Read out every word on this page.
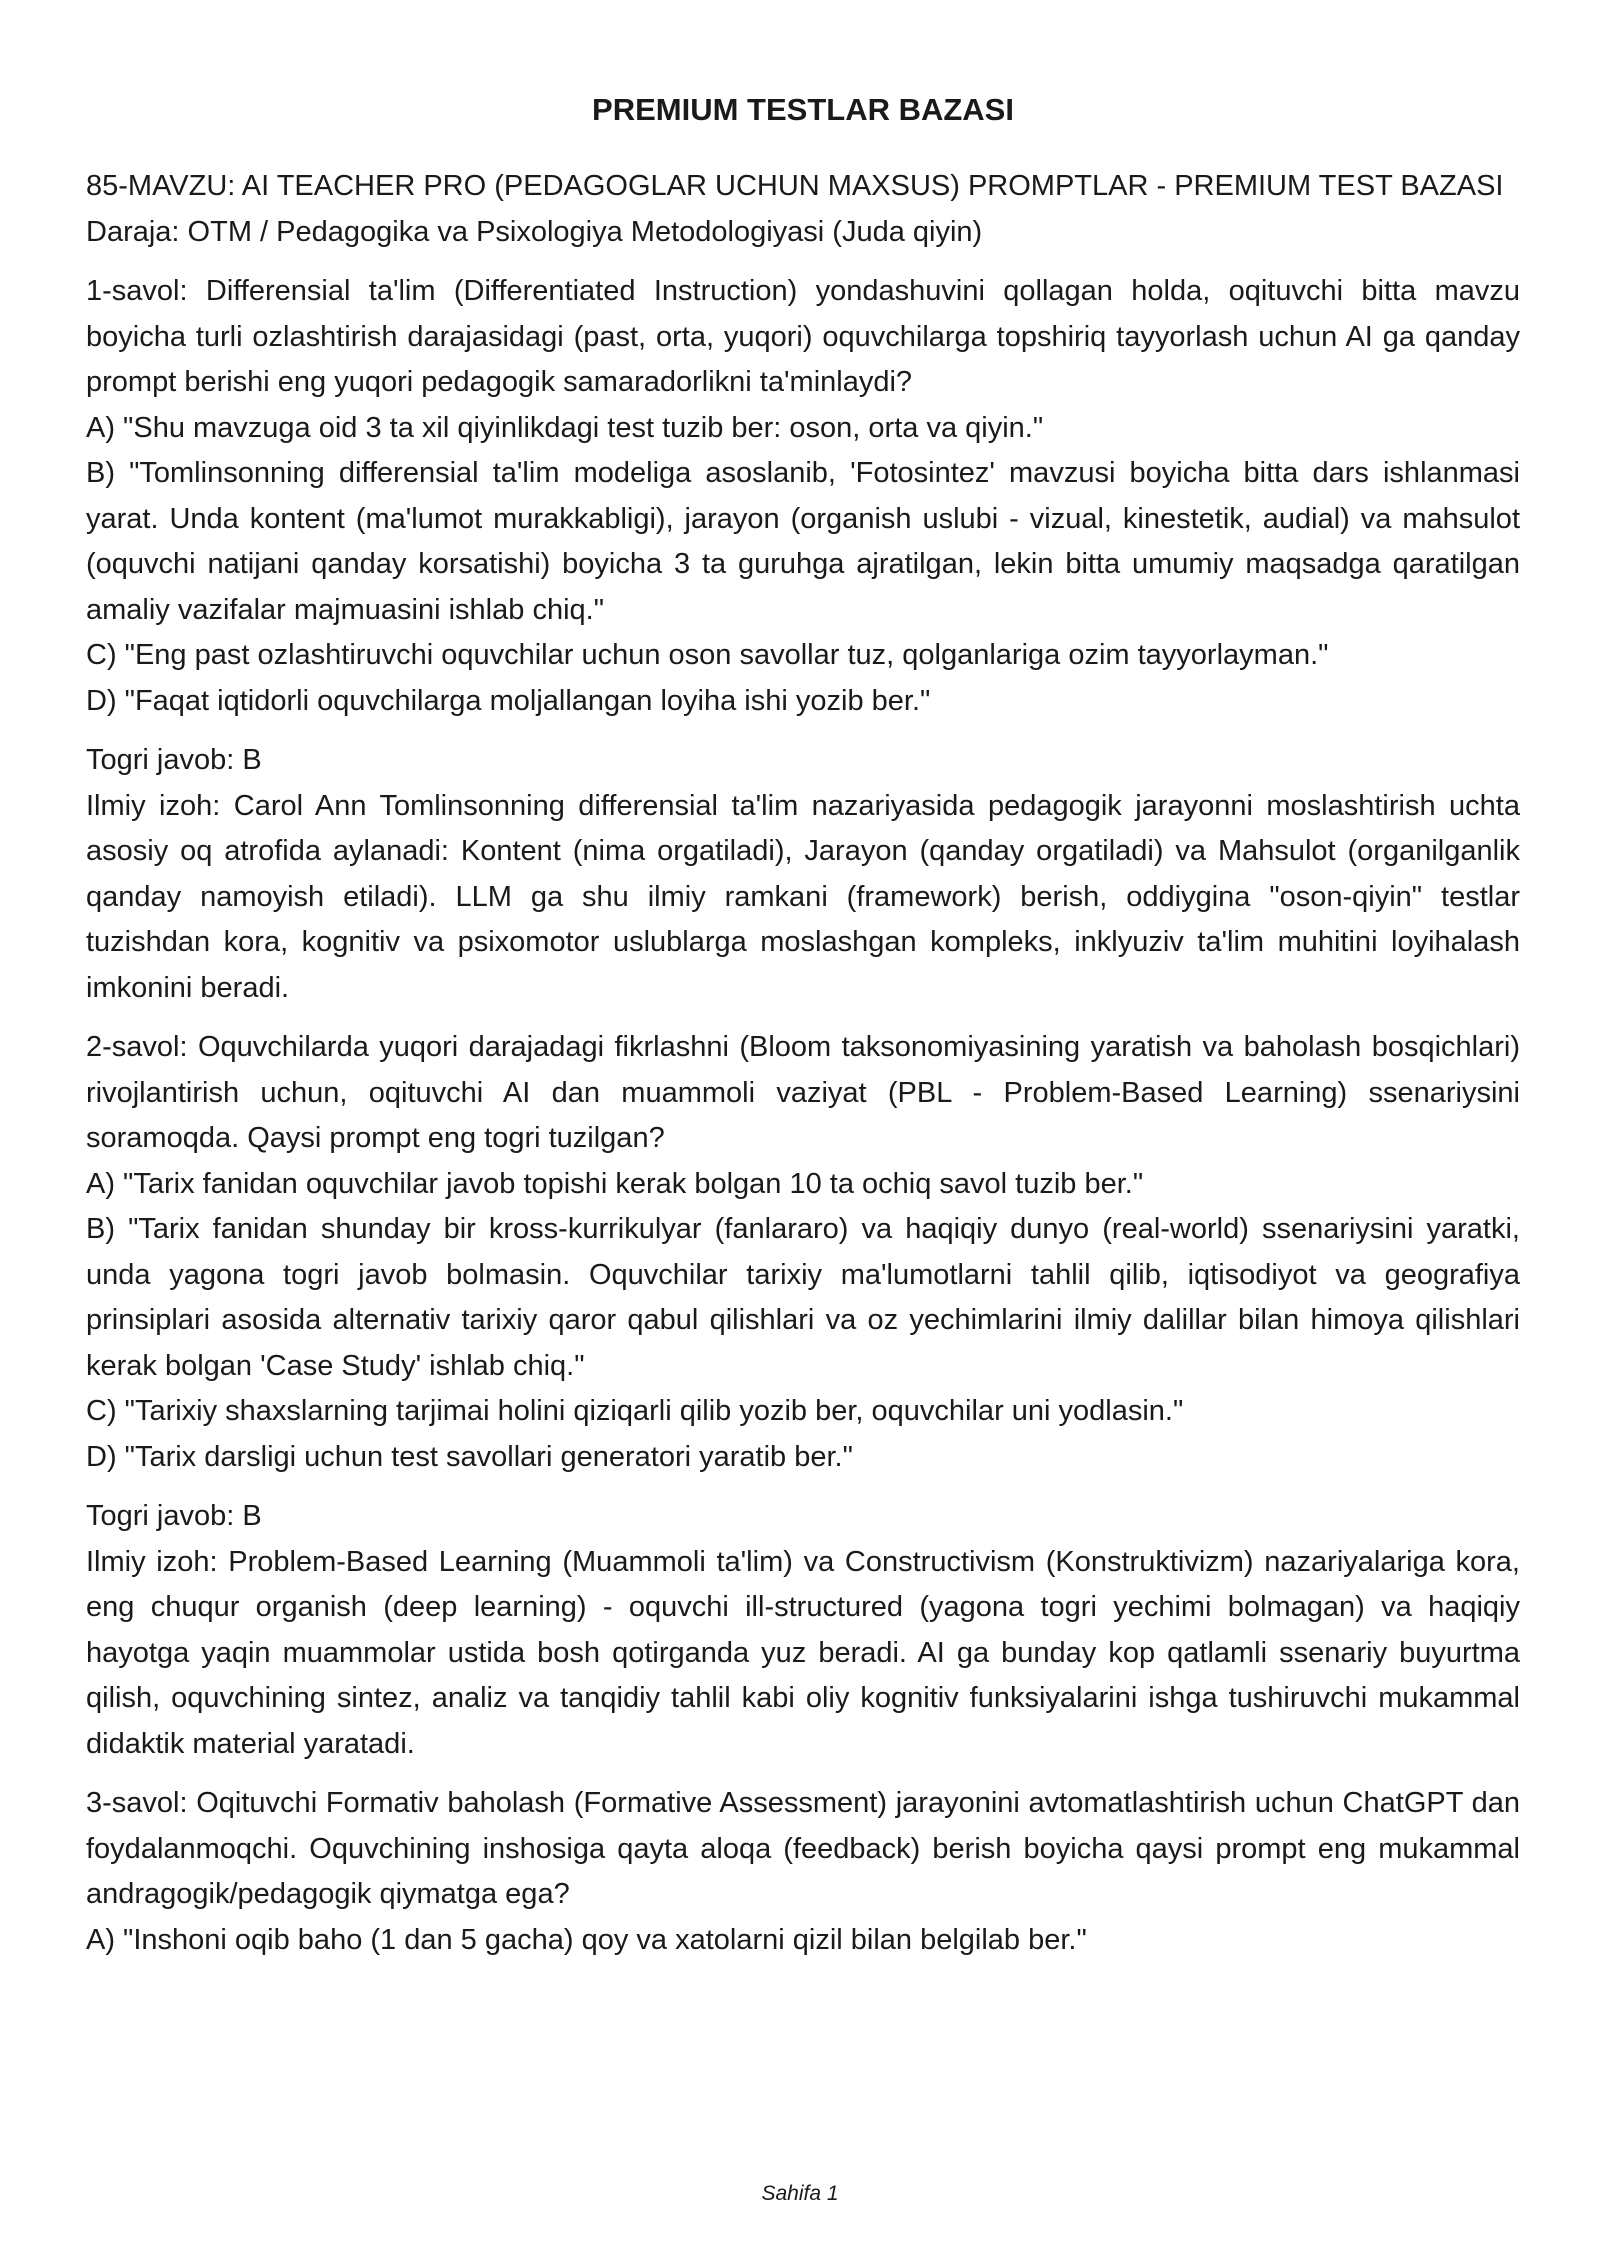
PREMIUM TESTLAR BAZASI
85-MAVZU: AI TEACHER PRO (PEDAGOGLAR UCHUN MAXSUS) PROMPTLAR - PREMIUM TEST BAZASI
Daraja: OTM / Pedagogika va Psixologiya Metodologiyasi (Juda qiyin)
1-savol: Differensial ta'lim (Differentiated Instruction) yondashuvini qollagan holda, oqituvchi bitta mavzu boyicha turli ozlashtirish darajasidagi (past, orta, yuqori) oquvchilarga topshiriq tayyorlash uchun AI ga qanday prompt berishi eng yuqori pedagogik samaradorlikni ta'minlaydi?
A) "Shu mavzuga oid 3 ta xil qiyinlikdagi test tuzib ber: oson, orta va qiyin."
B) "Tomlinsonning differensial ta'lim modeliga asoslanib, 'Fotosintez' mavzusi boyicha bitta dars ishlanmasi yarat. Unda kontent (ma'lumot murakkabligi), jarayon (organish uslubi - vizual, kinestetik, audial) va mahsulot (oquvchi natijani qanday korsatishi) boyicha 3 ta guruhga ajratilgan, lekin bitta umumiy maqsadga qaratilgan amaliy vazifalar majmuasini ishlab chiq."
C) "Eng past ozlashtiruvchi oquvchilar uchun oson savollar tuz, qolganlariga ozim tayyorlayman."
D) "Faqat iqtidorli oquvchilarga moljallangan loyiha ishi yozib ber."
Togri javob: B
Ilmiy izoh: Carol Ann Tomlinsonning differensial ta'lim nazariyasida pedagogik jarayonni moslashtirish uchta asosiy oq atrofida aylanadi: Kontent (nima orgatiladi), Jarayon (qanday orgatiladi) va Mahsulot (organilganlik qanday namoyish etiladi). LLM ga shu ilmiy ramkani (framework) berish, oddiygina "oson-qiyin" testlar tuzishdan kora, kognitiv va psixomotor uslublarga moslashgan kompleks, inklyuziv ta'lim muhitini loyihalash imkonini beradi.
2-savol: Oquvchilarda yuqori darajadagi fikrlashni (Bloom taksonomiyasining yaratish va baholash bosqichlari) rivojlantirish uchun, oqituvchi AI dan muammoli vaziyat (PBL - Problem-Based Learning) ssenariysini soramoqda. Qaysi prompt eng togri tuzilgan?
A) "Tarix fanidan oquvchilar javob topishi kerak bolgan 10 ta ochiq savol tuzib ber."
B) "Tarix fanidan shunday bir kross-kurrikulyar (fanlararo) va haqiqiy dunyo (real-world) ssenariysini yaratki, unda yagona togri javob bolmasin. Oquvchilar tarixiy ma'lumotlarni tahlil qilib, iqtisodiyot va geografiya prinsiplari asosida alternativ tarixiy qaror qabul qilishlari va oz yechimlarini ilmiy dalillar bilan himoya qilishlari kerak bolgan 'Case Study' ishlab chiq."
C) "Tarixiy shaxslarning tarjimai holini qiziqarli qilib yozib ber, oquvchilar uni yodlasin."
D) "Tarix darsligi uchun test savollari generatori yaratib ber."
Togri javob: B
Ilmiy izoh: Problem-Based Learning (Muammoli ta'lim) va Constructivism (Konstruktivizm) nazariyalariga kora, eng chuqur organish (deep learning) - oquvchi ill-structured (yagona togri yechimi bolmagan) va haqiqiy hayotga yaqin muammolar ustida bosh qotirganda yuz beradi. AI ga bunday kop qatlamli ssenariy buyurtma qilish, oquvchining sintez, analiz va tanqidiy tahlil kabi oliy kognitiv funksiyalarini ishga tushiruvchi mukammal didaktik material yaratadi.
3-savol: Oqituvchi Formativ baholash (Formative Assessment) jarayonini avtomatlashtirish uchun ChatGPT dan foydalanmoqchi. Oquvchining inshosiga qayta aloqa (feedback) berish boyicha qaysi prompt eng mukammal andragogik/pedagogik qiymatga ega?
A) "Inshoni oqib baho (1 dan 5 gacha) qoy va xatolarni qizil bilan belgilab ber."
Sahifa 1
